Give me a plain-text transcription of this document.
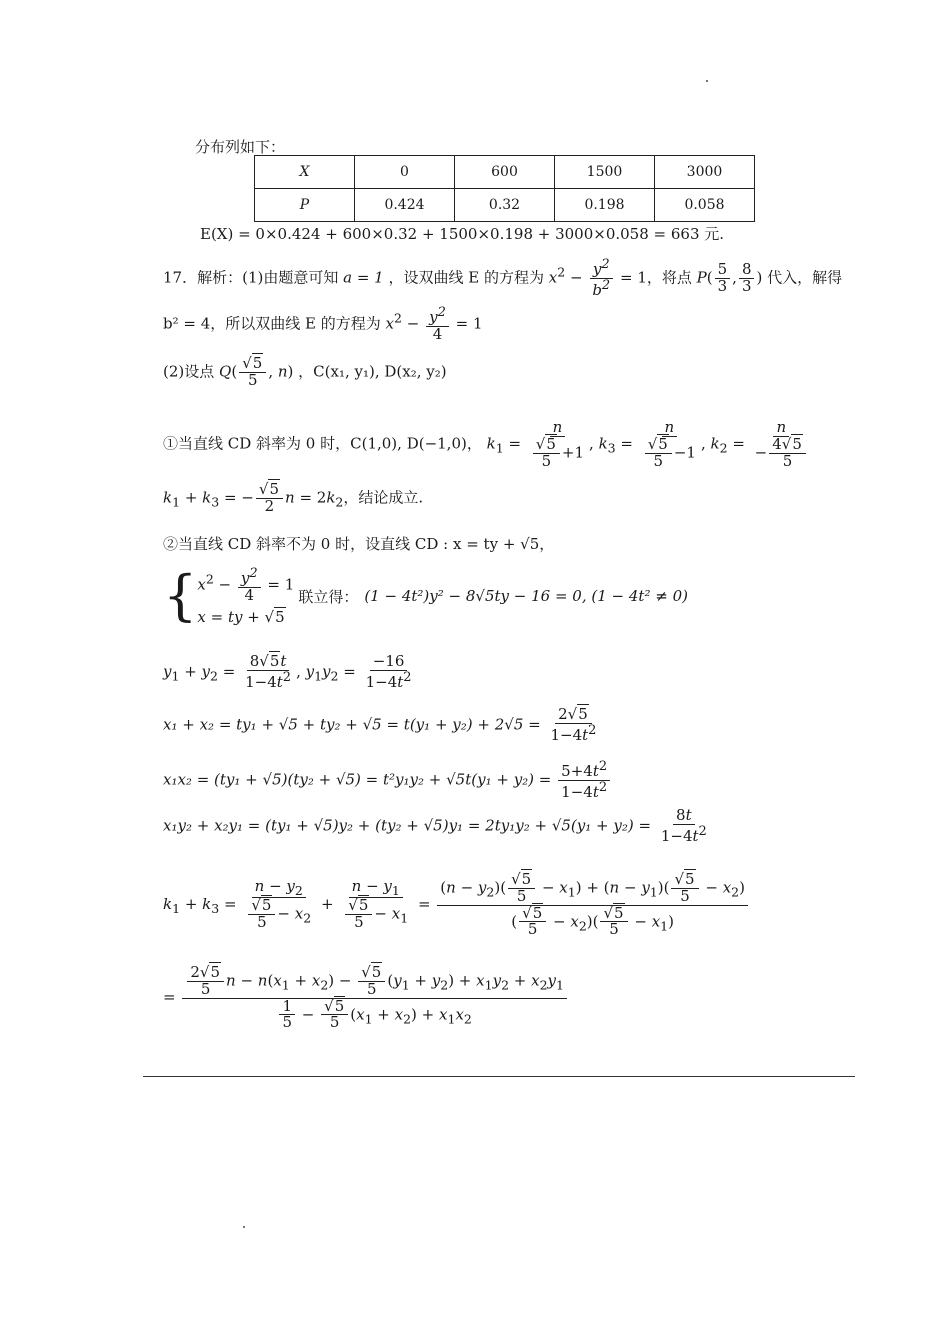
分布列如下：
X	0	600	1500	3000
P	0.424	0.32	0.198	0.058
E(X) = 0×0.424 + 600×0.32 + 1500×0.198 + 3000×0.058 = 663 元.
17．解析：(1)由题意可知 a = 1 ，设双曲线 E 的方程为 $x^2 - \frac{y^2}{b^2} = 1$，将点 $P( \frac{5}{3}$ , $\frac{8}{3}$ ) 代入，解得
b² = 4，所以双曲线 E 的方程为 $x^2 - \frac{y^2}{4} = 1$
(2)设点 $Q( \frac{√5}{5}$ , n) ，C(x₁, y₁), D(x₂, y₂)
①当直线 CD 斜率为 0 时，C(1,0), D(−1,0)， $k_1 = \frac{n}{\frac{√5}{5} +1}$ , $k_3 = \frac{n}{\frac{√5}{5} -1}$ , $k_2 = \frac{n}{- \frac{4√5}{5}}$
$k_1 + k_3$ = − $\frac{√5}{2}$ $n = 2k_2$，结论成立.
②当直线 CD 斜率不为 0 时，设直线 CD : x = ty + √5，
{ $x^2 - \frac{y^2}{4} = 1$
x = ty + √5
联立得： (1 − 4t²)y² − 8√5ty − 16 = 0, (1 − 4t² ≠ 0)
$y_1 + y_2 = \frac{8√5t}{1-4t^2}$ , $y_1y_2 = \frac{-16}{1-4t^2}$
$x_1 + x_2 = ty_1 + √5 + ty_2 + √5 = t(y_1 + y_2) + 2√5 = \frac{2√5}{1-4t^2}$
$x_1x_2 = (ty_1 + √5)(ty_2 + √5) = t^2y_1y_2 + √5t(y_1 + y_2) = \frac{5+4t^2}{1-4t^2}$
$x_1y_2 + x_2y_1 = (ty_1 + √5)y_2 + (ty_2 + √5)y_1 = 2ty_1y_2 + √5(y_1 + y_2) = \frac{8t}{1-4t^2}$
$k_1 + k_3 = \frac{n - y_2}{\frac{√5}{5} - x_2} + \frac{n - y_1}{\frac{√5}{5} - x_1} = \frac{(n - y_2)( \frac{√5}{5} - x_1) + (n - y_1)( \frac{√5}{5} - x_2)}{( \frac{√5}{5} - x_2)( \frac{√5}{5} - x_1)}$
= $\frac{\frac{2√5}{5} n - n(x_1 + x_2) - \frac{√5}{5} (y_1 + y_2) + x_1y_2 + x_2y_1}{\frac{1}{5} - \frac{√5}{5} (x_1 + x_2) + x_1x_2}$
